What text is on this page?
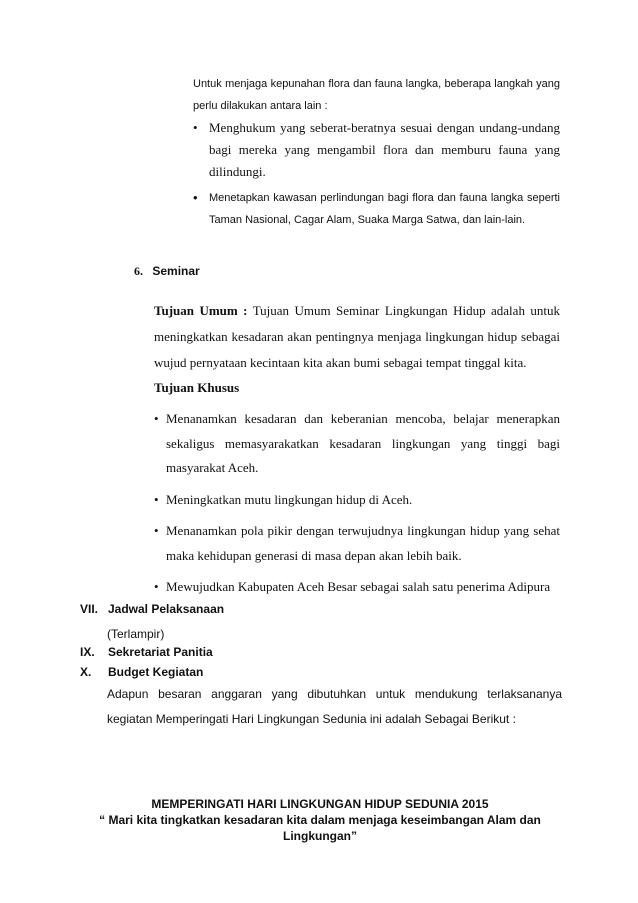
Untuk menjaga kepunahan flora dan fauna langka, beberapa langkah yang perlu dilakukan antara lain :
• Menghukum yang seberat-beratnya sesuai dengan undang-undang bagi mereka yang mengambil flora dan memburu fauna yang dilindungi.
• Menetapkan kawasan perlindungan bagi flora dan fauna langka seperti Taman Nasional, Cagar Alam, Suaka Marga Satwa, dan lain-lain.
6. Seminar
Tujuan Umum : Tujuan Umum Seminar Lingkungan Hidup adalah untuk meningkatkan kesadaran akan pentingnya menjaga lingkungan hidup sebagai wujud pernyataan kecintaan kita akan bumi sebagai tempat tinggal kita.
Tujuan Khusus
• Menanamkan kesadaran dan keberanian mencoba, belajar menerapkan sekaligus memasyarakatkan kesadaran lingkungan yang tinggi bagi masyarakat Aceh.
• Meningkatkan mutu lingkungan hidup di Aceh.
• Menanamkan pola pikir dengan terwujudnya lingkungan hidup yang sehat maka kehidupan generasi di masa depan akan lebih baik.
• Mewujudkan Kabupaten Aceh Besar sebagai salah satu penerima Adipura
VII. Jadwal Pelaksanaan
(Terlampir)
IX. Sekretariat Panitia
X. Budget Kegiatan
Adapun besaran anggaran yang dibutuhkan untuk mendukung terlaksananya kegiatan Memperingati Hari Lingkungan Sedunia ini adalah Sebagai Berikut :
MEMPERINGATI HARI LINGKUNGAN HIDUP SEDUNIA 2015
“ Mari kita tingkatkan kesadaran kita dalam menjaga keseimbangan Alam dan Lingkungan”
